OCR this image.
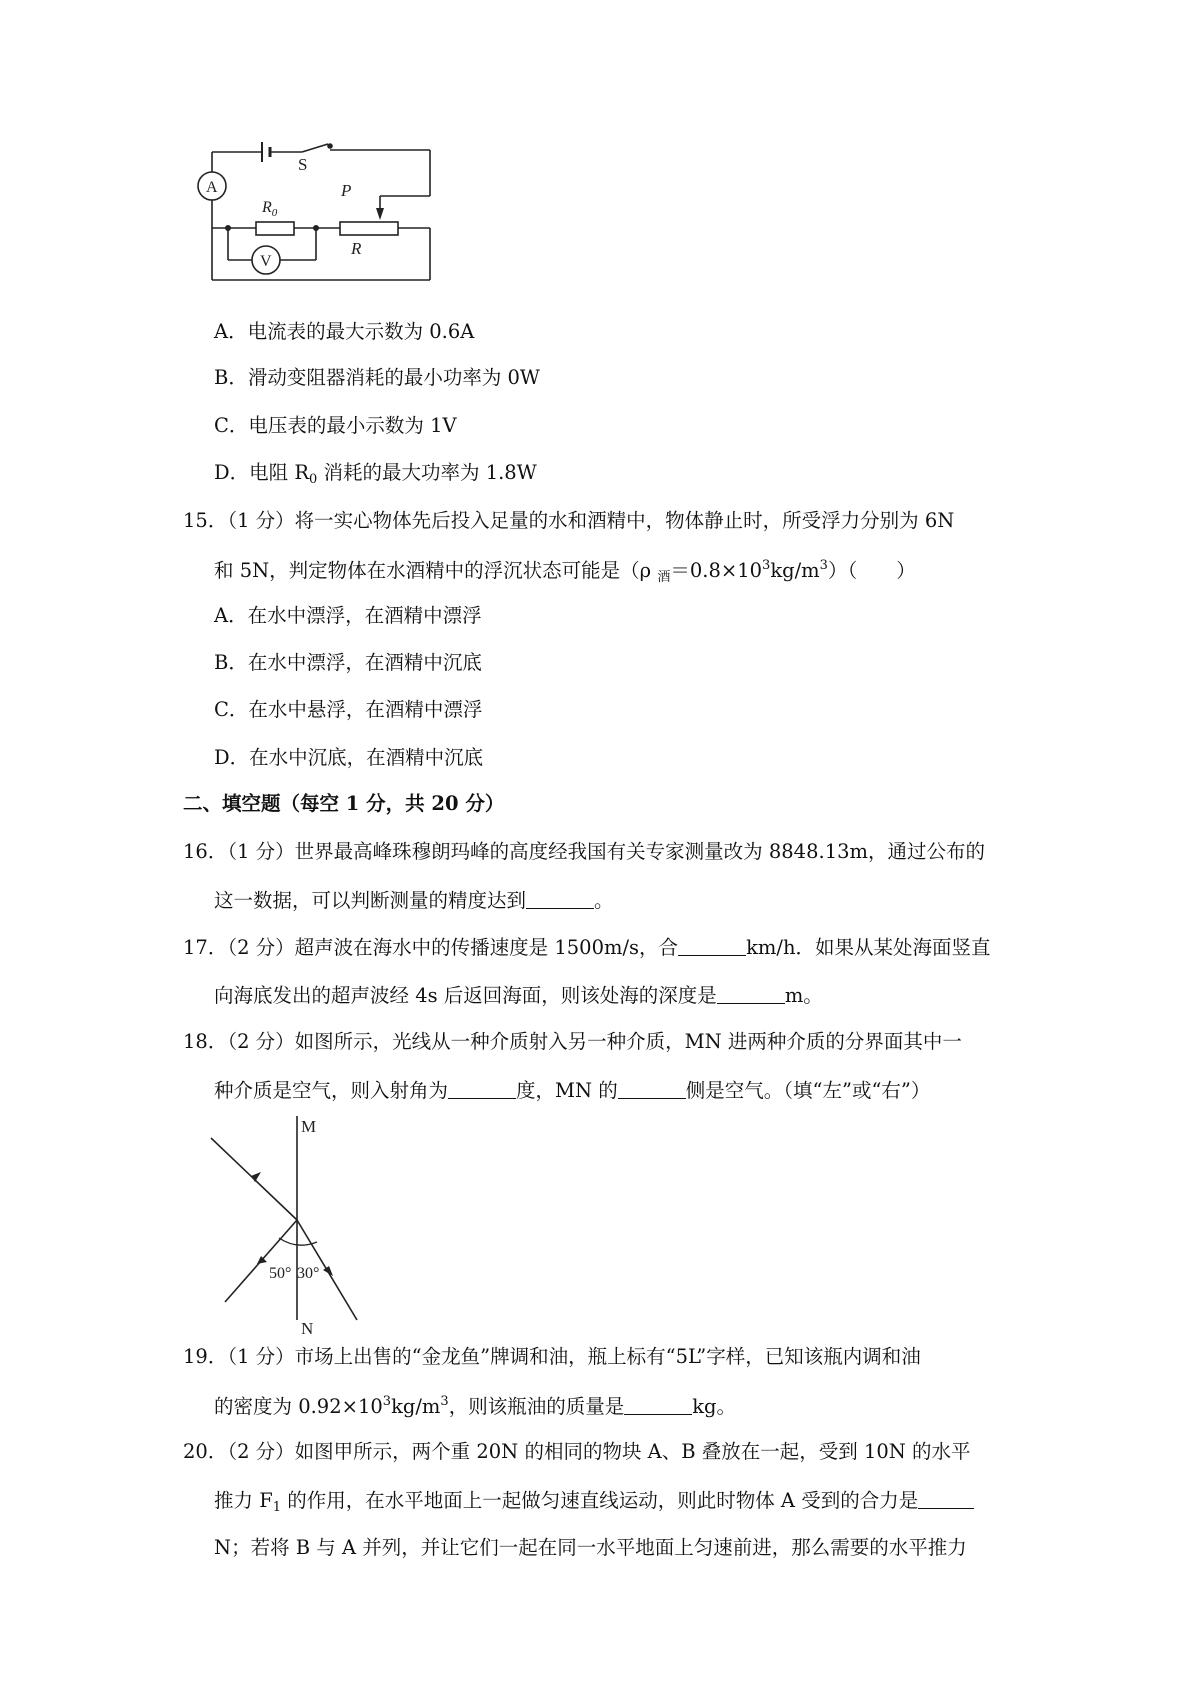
S
A
V
$R_0$
P
R
A．电流表的最大示数为 0.6A
B．滑动变阻器消耗的最小功率为 0W
C．电压表的最小示数为 1V
D．电阻 $R_0$ 消耗的最大功率为 1.8W
15．（1 分）将一实心物体先后投入足量的水和酒精中，物体静止时，所受浮力分别为 6N
和 5N，判定物体在水酒精中的浮沉状态可能是（ρ $_酒=0.8\times 10^3kg/m^3$）（　　）
A．在水中漂浮，在酒精中漂浮
B．在水中漂浮，在酒精中沉底
C．在水中悬浮，在酒精中漂浮
D．在水中沉底，在酒精中沉底
二、填空题（每空 1 分，共 20 分）
16．（1 分）世界最高峰珠穆朗玛峰的高度经我国有关专家测量改为 8848.13m，通过公布的
这一数据，可以判断测量的精度达到	。
17．（2 分）超声波在海水中的传播速度是 1500m/s，合	km/h．如果从某处海面竖直
向海底发出的超声波经 4s 后返回海面，则该处海的深度是	m。
18．（2 分）如图所示，光线从一种介质射入另一种介质，MN 进两种介质的分界面其中一
种介质是空气，则入射角为	度，MN 的	侧是空气。（填“左”或“右”）
M
N
50° 30°
19．（1 分）市场上出售的“金龙鱼”牌调和油，瓶上标有“5L”字样，已知该瓶内调和油
的密度为 $0.92\times 10^3kg/m^3$，则该瓶油的质量是	kg。
20．（2 分）如图甲所示，两个重 20N 的相同的物块 A、B 叠放在一起，受到 10N 的水平
推力 $F_1$ 的作用，在水平地面上一起做匀速直线运动，则此时物体 A 受到的合力是
N；若将 B 与 A 并列，并让它们一起在同一水平地面上匀速前进，那么需要的水平推力
